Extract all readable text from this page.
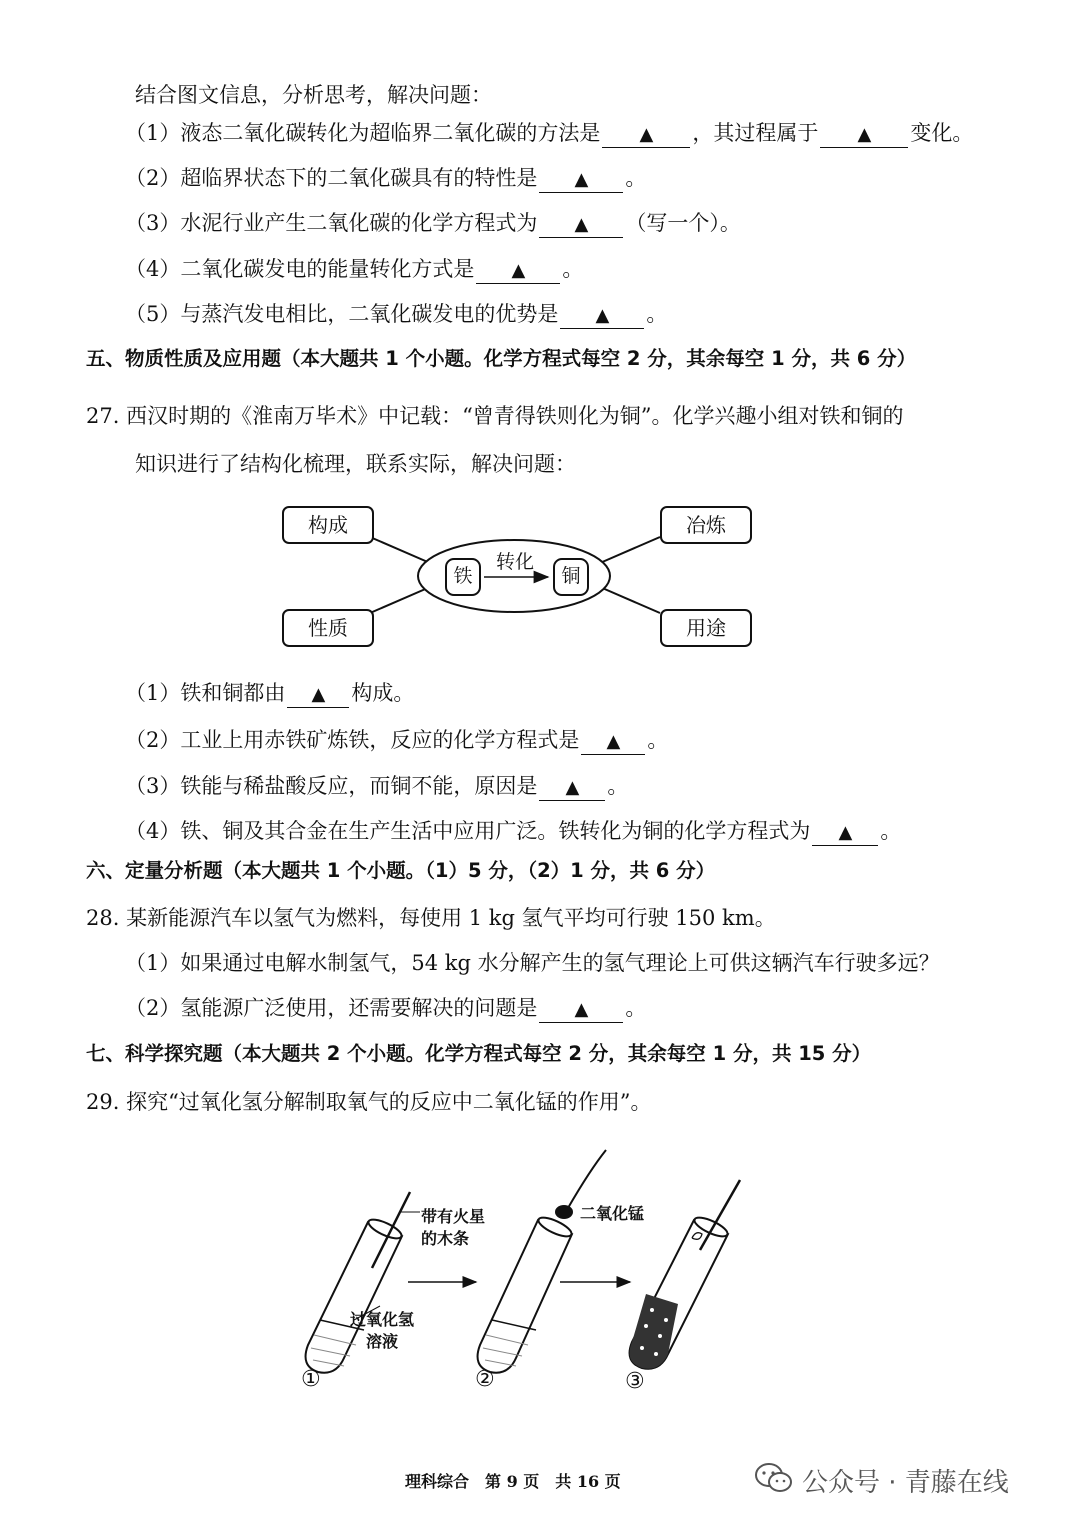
结合图文信息，分析思考，解决问题：
（1）液态二氧化碳转化为超临界二氧化碳的方法是 ▲ ，其过程属于 ▲ 变化。
（2）超临界状态下的二氧化碳具有的特性是 ▲ 。
（3）水泥行业产生二氧化碳的化学方程式为 ▲ （写一个）。
（4）二氧化碳发电的能量转化方式是 ▲ 。
（5）与蒸汽发电相比，二氧化碳发电的优势是 ▲ 。
五、物质性质及应用题（本大题共 1 个小题。化学方程式每空 2 分，其余每空 1 分，共 6 分）
27. 西汉时期的《淮南万毕术》中记载：“曾青得铁则化为铜”。化学兴趣小组对铁和铜的
知识进行了结构化梳理，联系实际，解决问题：
构成	冶炼
性质	用途
铁	铜
转化
（1）铁和铜都由 ▲ 构成。
（2）工业上用赤铁矿炼铁，反应的化学方程式是 ▲ 。
（3）铁能与稀盐酸反应，而铜不能，原因是 ▲ 。
（4）铁、铜及其合金在生产生活中应用广泛。铁转化为铜的化学方程式为 ▲ 。
六、定量分析题（本大题共 1 个小题。（1）5 分，（2）1 分，共 6 分）
28. 某新能源汽车以氢气为燃料，每使用 1 kg 氢气平均可行驶 150 km。
（1）如果通过电解水制氢气，54 kg 水分解产生的氢气理论上可供这辆汽车行驶多远？
（2）氢能源广泛使用，还需要解决的问题是 ▲ 。
七、科学探究题（本大题共 2 个小题。化学方程式每空 2 分，其余每空 1 分，共 15 分）
29. 探究“过氧化氢分解制取氧气的反应中二氧化锰的作用”。
带有火星
的木条
二氧化锰
过氧化氢
溶液
①	②	③
理科综合　第 9 页　共 16 页	公众号 · 青藤在线
